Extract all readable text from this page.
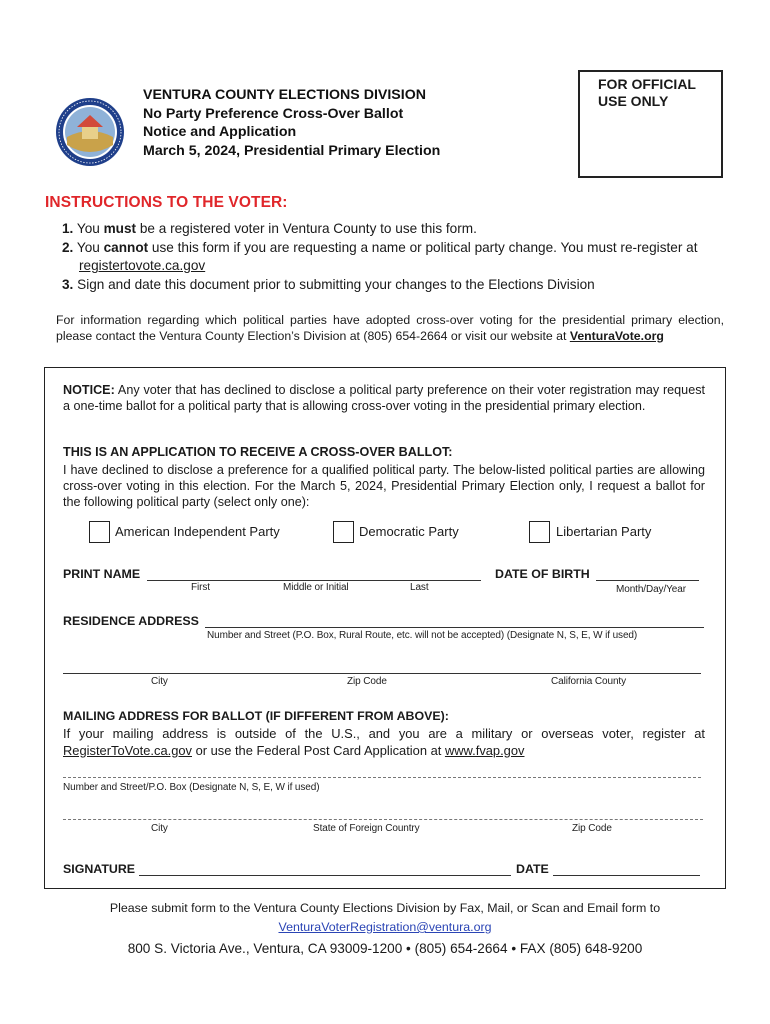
VENTURA COUNTY ELECTIONS DIVISION
No Party Preference Cross-Over Ballot
Notice and Application
March 5, 2024, Presidential Primary Election
FOR OFFICIAL
USE ONLY
INSTRUCTIONS TO THE VOTER:
1. You must be a registered voter in Ventura County to use this form.
2. You cannot use this form if you are requesting a name or political party change. You must re-register at
registertovote.ca.gov
3. Sign and date this document prior to submitting your changes to the Elections Division
For information regarding which political parties have adopted cross-over voting for the presidential primary election, please contact the Ventura County Election’s Division at (805) 654-2664 or visit our website at VenturaVote.org
NOTICE: Any voter that has declined to disclose a political party preference on their voter registration may request a one-time ballot for a political party that is allowing cross-over voting in the presidential primary election.
THIS IS AN APPLICATION TO RECEIVE A CROSS-OVER BALLOT:
I have declined to disclose a preference for a qualified political party. The below-listed political parties are allowing cross-over voting in this election. For the March 5, 2024, Presidential Primary Election only, I request a ballot for the following political party (select only one):
American Independent Party	Democratic Party	Libertarian Party
PRINT NAME
First	Middle or Initial	Last
DATE OF BIRTH
Month/Day/Year
RESIDENCE ADDRESS
Number and Street (P.O. Box, Rural Route, etc. will not be accepted) (Designate N, S, E, W if used)
City	Zip Code	California County
MAILING ADDRESS FOR BALLOT (IF DIFFERENT FROM ABOVE):
If your mailing address is outside of the U.S., and you are a military or overseas voter, register at RegisterToVote.ca.gov or use the Federal Post Card Application at www.fvap.gov
Number and Street/P.O. Box (Designate N, S, E, W if used)
City	State of Foreign Country	Zip Code
SIGNATURE	DATE
Please submit form to the Ventura County Elections Division by Fax, Mail, or Scan and Email form to
VenturaVoterRegistration@ventura.org
800 S. Victoria Ave., Ventura, CA 93009-1200 • (805) 654-2664 • FAX (805) 648-9200
